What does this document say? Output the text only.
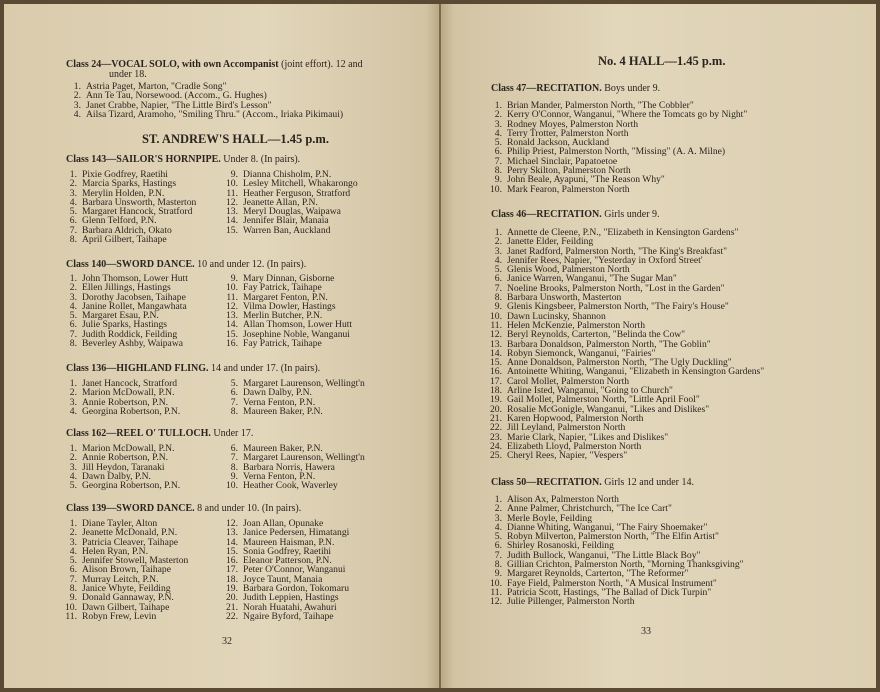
Class 24—VOCAL SOLO, with own Accompanist (joint effort). 12 and
under 18.
1. Astria Paget, Marton, "Cradle Song"
2. Ann Te Tau, Norsewood. (Accom., G. Hughes)
3. Janet Crabbe, Napier, "The Little Bird's Lesson"
4. Ailsa Tizard, Aramoho, "Smiling Thru." (Accom., Iriaka Pikimaui)
ST. ANDREW'S HALL—1.45 p.m.
Class 143—SAILOR'S HORNPIPE. Under 8. (In pairs).
1. Pixie Godfrey, Raetihi
2. Marcia Sparks, Hastings
3. Merylin Holden, P.N.
4. Barbara Unsworth, Masterton
5. Margaret Hancock, Stratford
6. Glenn Telford, P.N.
7. Barbara Aldrich, Okato
8. April Gilbert, Taihape
9. Dianna Chisholm, P.N.
10. Lesley Mitchell, Whakarongo
11. Heather Ferguson, Stratford
12. Jeanette Allan, P.N.
13. Meryl Douglas, Waipawa
14. Jennifer Blair, Manaia
15. Warren Ban, Auckland
Class 140—SWORD DANCE. 10 and under 12. (In pairs).
1. John Thomson, Lower Hutt
2. Ellen Jillings, Hastings
3. Dorothy Jacobsen, Taihape
4. Janine Rollet, Mangawhata
5. Margaret Esau, P.N.
6. Julie Sparks, Hastings
7. Judith Roddick, Feilding
8. Beverley Ashby, Waipawa
9. Mary Dinnan, Gisborne
10. Fay Patrick, Taihape
11. Margaret Fenton, P.N.
12. Vilma Dowler, Hastings
13. Merlin Butcher, P.N.
14. Allan Thomson, Lower Hutt
15. Josephine Noble, Wanganui
16. Fay Patrick, Taihape
Class 136—HIGHLAND FLING. 14 and under 17. (In pairs).
1. Janet Hancock, Stratford
2. Marion McDowall, P.N.
3. Annie Robertson, P.N.
4. Georgina Robertson, P.N.
5. Margaret Laurenson, Wellingt'n
6. Dawn Dalby, P.N.
7. Verna Fenton, P.N.
8. Maureen Baker, P.N.
Class 162—REEL O' TULLOCH. Under 17.
1. Marion McDowall, P.N.
2. Annie Robertson, P.N.
3. Jill Heydon, Taranaki
4. Dawn Dalby, P.N.
5. Georgina Robertson, P.N.
6. Maureen Baker, P.N.
7. Margaret Laurenson, Wellingt'n
8. Barbara Norris, Hawera
9. Verna Fenton, P.N.
10. Heather Cook, Waverley
Class 139—SWORD DANCE. 8 and under 10. (In pairs).
1. Diane Tayler, Alton
2. Jeanette McDonald, P.N.
3. Patricia Cleaver, Taihape
4. Helen Ryan, P.N.
5. Jennifer Stowell, Masterton
6. Alison Brown, Taihape
7. Murray Leitch, P.N.
8. Janice Whyte, Feilding
9. Donald Gannaway, P.N.
10. Dawn Gilbert, Taihape
11. Robyn Frew, Levin
12. Joan Allan, Opunake
13. Janice Pedersen, Himatangi
14. Maureen Haisman, P.N.
15. Sonia Godfrey, Raetihi
16. Eleanor Patterson, P.N.
17. Peter O'Connor, Wanganui
18. Joyce Taunt, Manaia
19. Barbara Gordon, Tokomaru
20. Judith Leppien, Hastings
21. Norah Huatahi, Awahuri
22. Ngaire Byford, Taihape
32
No. 4 HALL—1.45 p.m.
Class 47—RECITATION. Boys under 9.
1. Brian Mander, Palmerston North, "The Cobbler"
2. Kerry O'Connor, Wanganui, "Where the Tomcats go by Night"
3. Rodney Moyes, Palmerston North
4. Terry Trotter, Palmerston North
5. Ronald Jackson, Auckland
6. Philip Priest, Palmerston North, "Missing" (A. A. Milne)
7. Michael Sinclair, Papatoetoe
8. Perry Skilton, Palmerston North
9. John Beale, Ayapuni, "The Reason Why"
10. Mark Fearon, Palmerston North
Class 46—RECITATION. Girls under 9.
1. Annette de Cleene, P.N., "Elizabeth in Kensington Gardens"
2. Janette Elder, Feilding
3. Janet Radford, Palmerston North, "The King's Breakfast"
4. Jennifer Rees, Napier, "Yesterday in Oxford Street'
5. Glenis Wood, Palmerston North
6. Janice Warren, Wanganui, "The Sugar Man"
7. Noeline Brooks, Palmerston North, "Lost in the Garden"
8. Barbara Unsworth, Masterton
9. Glenis Kingsbeer, Palmerston North, "The Fairy's House"
10. Dawn Lucinsky, Shannon
11. Helen McKenzie, Palmerston North
12. Beryl Reynolds, Carterton, "Belinda the Cow"
13. Barbara Donaldson, Palmerston North, "The Goblin"
14. Robyn Siemonck, Wanganui, "Fairies"
15. Anne Donaldson, Palmerston North, "The Ugly Duckling"
16. Antoinette Whiting, Wanganui, "Elizabeth in Kensington Gardens"
17. Carol Mollet, Palmerston North
18. Arline Isted, Wanganui, "Going to Church"
19. Gail Mollet, Palmerston North, "Little April Fool"
20. Rosalie McGonigle, Wanganui, "Likes and Dislikes"
21. Karen Hopwood, Palmerston North
22. Jill Leyland, Palmerston North
23. Marie Clark, Napier, "Likes and Dislikes"
24. Elizabeth Lloyd, Palmerston North
25. Cheryl Rees, Napier, "Vespers"
Class 50—RECITATION. Girls 12 and under 14.
1. Alison Ax, Palmerston North
2. Anne Palmer, Christchurch, "The Ice Cart"
3. Merle Boyle, Feilding
4. Dianne Whiting, Wanganui, "The Fairy Shoemaker"
5. Robyn Milverton, Palmerston North, "The Elfin Artist"
6. Shirley Rosanoski, Feilding
7. Judith Bullock, Wanganui, "The Little Black Boy"
8. Gillian Crichton, Palmerston North, "Morning Thanksgiving"
9. Margaret Reynolds, Carterton, "The Reformer"
10. Faye Field, Palmerston North, "A Musical Instrument"
11. Patricia Scott, Hastings, "The Ballad of Dick Turpin"
12. Julie Pillenger, Palmerston North
33
